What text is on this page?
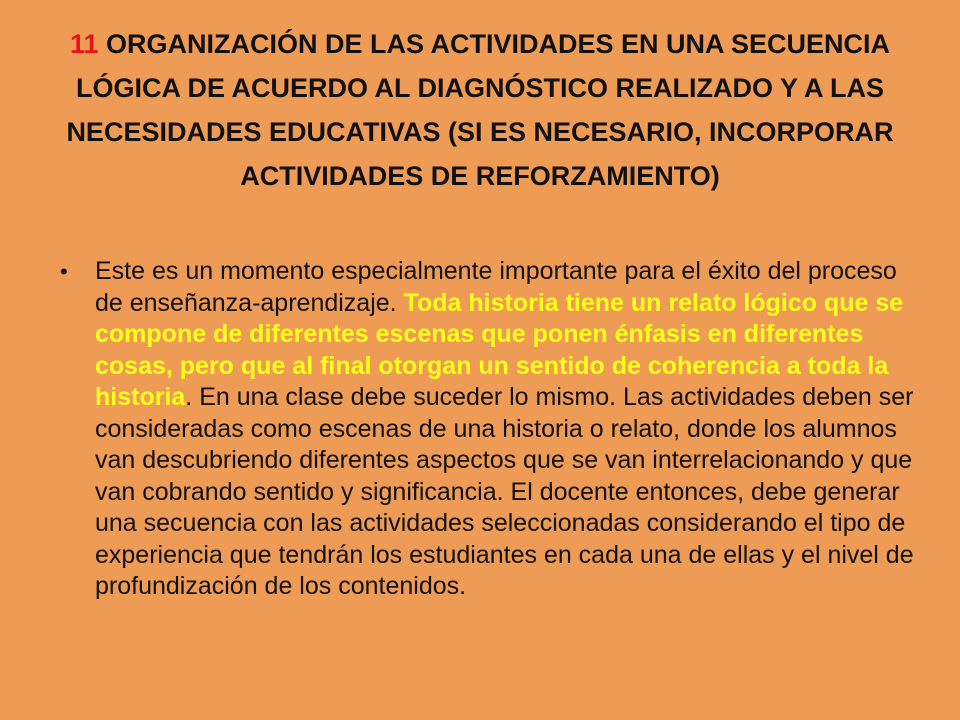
11 ORGANIZACIÓN DE LAS ACTIVIDADES EN UNA SECUENCIA LÓGICA DE ACUERDO AL DIAGNÓSTICO REALIZADO Y A LAS NECESIDADES EDUCATIVAS (SI ES NECESARIO, INCORPORAR ACTIVIDADES DE REFORZAMIENTO)
• Este es un momento especialmente importante para el éxito del proceso de enseñanza-aprendizaje. Toda historia tiene un relato lógico que se compone de diferentes escenas que ponen énfasis en diferentes cosas, pero que al final otorgan un sentido de coherencia a toda la historia. En una clase debe suceder lo mismo. Las actividades deben ser consideradas como escenas de una historia o relato, donde los alumnos van descubriendo diferentes aspectos que se van interrelacionando y que van cobrando sentido y significancia. El docente entonces, debe generar una secuencia con las actividades seleccionadas considerando el tipo de experiencia que tendrán los estudiantes en cada una de ellas y el nivel de profundización de los contenidos.
